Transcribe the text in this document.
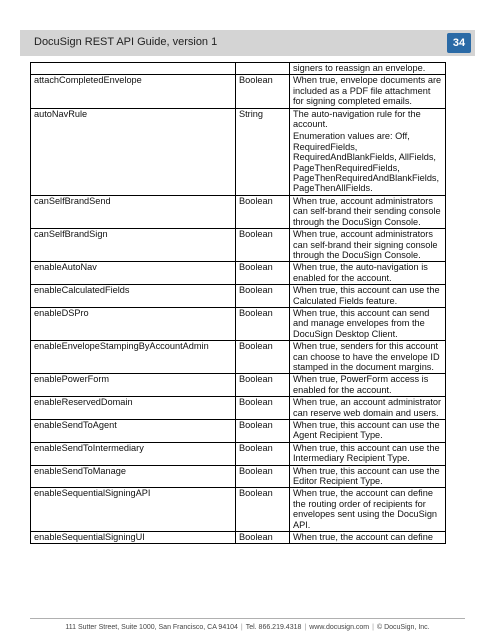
DocuSign REST API Guide, version 1	34
		signers to reassign an envelope.
attachCompletedEnvelope	Boolean	When true, envelope documents are included as a PDF file attachment for signing completed emails.

autoNavRule	String	The auto-navigation rule for the account.

Enumeration values are: Off, RequiredFields, RequiredAndBlankFields, AllFields, PageThenRequiredFields, PageThenRequiredAndBlankFields, PageThenAllFields.

canSelfBrandSend	Boolean	When true, account administrators can self-brand their sending console through the DocuSign Console.

canSelfBrandSign	Boolean	When true, account administrators can self-brand their signing console through the DocuSign Console.

enableAutoNav	Boolean	When true, the auto-navigation is enabled for the account.

enableCalculatedFields	Boolean	When true, this account can use the Calculated Fields feature.

enableDSPro	Boolean	When true, this account can send and manage envelopes from the DocuSign Desktop Client.

enableEnvelopeStampingByAccountAdmin	Boolean	When true, senders for this account can choose to have the envelope ID stamped in the document margins.

enablePowerForm	Boolean	When true, PowerForm access is enabled for the account.

enableReservedDomain	Boolean	When true, an account administrator can reserve web domain and users.

enableSendToAgent	Boolean	When true, this account can use the Agent Recipient Type.

enableSendToIntermediary	Boolean	When true, this account can use the Intermediary Recipient Type.

enableSendToManage	Boolean	When true, this account can use the Editor Recipient Type.

enableSequentialSigningAPI	Boolean	When true, the account can define the routing order of recipients for envelopes sent using the DocuSign API.

enableSequentialSigningUI	Boolean	When true, the account can define

111 Sutter Street, Suite 1000, San Francisco, CA 94104 | Tel. 866.219.4318 | www.docusign.com | © DocuSign, Inc.
